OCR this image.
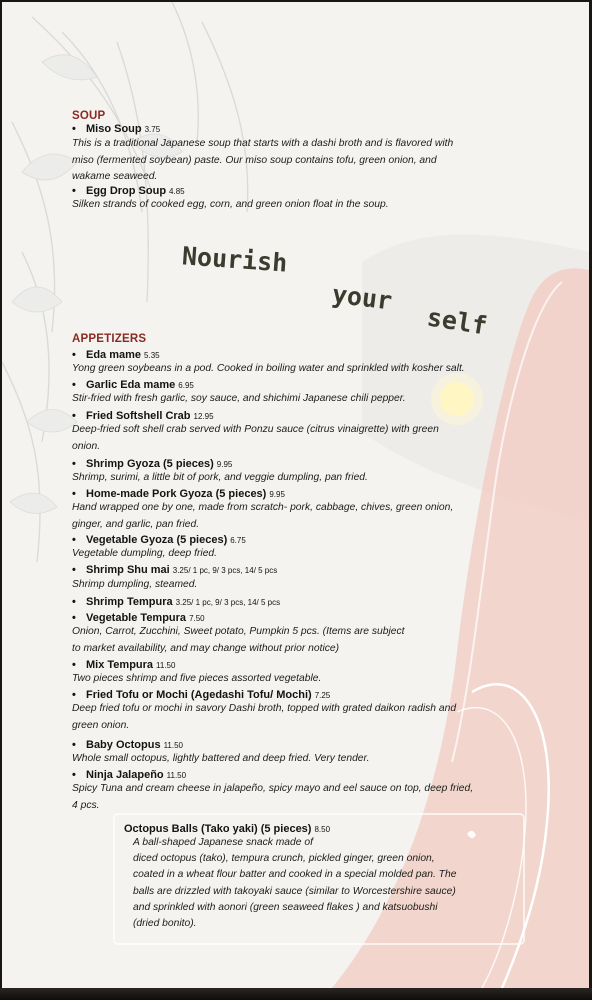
Nourish
your
self
SOUP
• Miso Soup 3.75
This is a traditional Japanese soup that starts with a dashi broth and is flavored with
miso (fermented soybean) paste. Our miso soup contains tofu, green onion, and
wakame seaweed.
• Egg Drop Soup 4.85
Silken strands of cooked egg, corn, and green onion float in the soup.
APPETIZERS
• Eda mame 5.35
Yong green soybeans in a pod. Cooked in boiling water and sprinkled with kosher salt.
• Garlic Eda mame 6.95
Stir-fried with fresh garlic, soy sauce, and shichimi Japanese chili pepper.
• Fried Softshell Crab 12.95
Deep-fried soft shell crab served with Ponzu sauce (citrus vinaigrette) with green
onion.
• Shrimp Gyoza (5 pieces) 9.95
Shrimp, surimi, a little bit of pork, and veggie dumpling, pan fried.
• Home-made Pork Gyoza (5 pieces) 9.95
Hand wrapped one by one, made from scratch- pork, cabbage, chives, green onion,
ginger, and garlic, pan fried.
• Vegetable Gyoza (5 pieces) 6.75
Vegetable dumpling, deep fried.
• Shrimp Shu mai 3.25/ 1 pc, 9/ 3 pcs, 14/ 5 pcs
Shrimp dumpling, steamed.
• Shrimp Tempura 3.25/ 1 pc, 9/ 3 pcs, 14/ 5 pcs
• Vegetable Tempura 7.50
Onion, Carrot, Zucchini, Sweet potato, Pumpkin 5 pcs. (Items are subject
to market availability, and may change without prior notice)
• Mix Tempura 11.50
Two pieces shrimp and five pieces assorted vegetable.
• Fried Tofu or Mochi (Agedashi Tofu/ Mochi) 7.25
Deep fried tofu or mochi in savory Dashi broth, topped with grated daikon radish and
green onion.
• Baby Octopus 11.50
Whole small octopus, lightly battered and deep fried. Very tender.
• Ninja Jalapeño 11.50
Spicy Tuna and cream cheese in jalapeño, spicy mayo and eel sauce on top, deep fried,
4 pcs.
Octopus Balls (Tako yaki) (5 pieces) 8.50
A ball-shaped Japanese snack made of
diced octopus (tako), tempura crunch, pickled ginger, green onion,
coated in a wheat flour batter and cooked in a special molded pan. The
balls are drizzled with takoyaki sauce (similar to Worcestershire sauce)
and sprinkled with aonori (green seaweed flakes ) and katsuobushi
(dried bonito).
